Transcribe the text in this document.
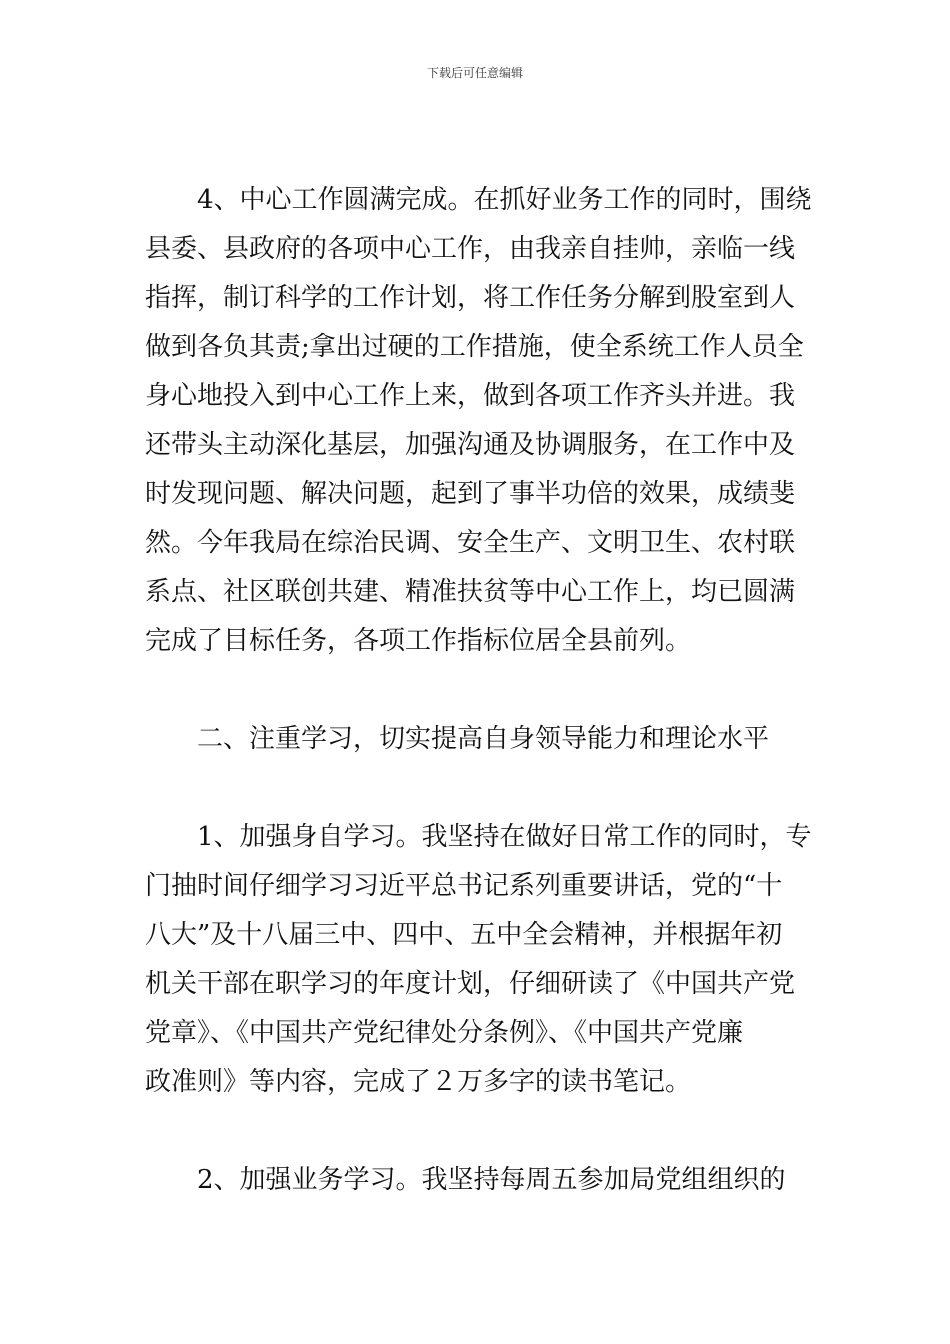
下载后可任意编辑
4、中心工作圆满完成。在抓好业务工作的同时，围绕
县委、县政府的各项中心工作，由我亲自挂帅，亲临一线
指挥，制订科学的工作计划，将工作任务分解到股室到人
做到各负其责;拿出过硬的工作措施，使全系统工作人员全
身心地投入到中心工作上来，做到各项工作齐头并进。我
还带头主动深化基层，加强沟通及协调服务，在工作中及
时发现问题、解决问题，起到了事半功倍的效果，成绩斐
然。今年我局在综治民调、安全生产、文明卫生、农村联
系点、社区联创共建、精准扶贫等中心工作上，均已圆满
完成了目标任务，各项工作指标位居全县前列。
二、注重学习，切实提高自身领导能力和理论水平
1、加强身自学习。我坚持在做好日常工作的同时，专
门抽时间仔细学习习近平总书记系列重要讲话，党的“十
八大”及十八届三中、四中、五中全会精神，并根据年初
机关干部在职学习的年度计划，仔细研读了《中国共产党
党章》、《中国共产党纪律处分条例》、《中国共产党廉
政准则》等内容，完成了２万多字的读书笔记。
2、加强业务学习。我坚持每周五参加局党组组织的
